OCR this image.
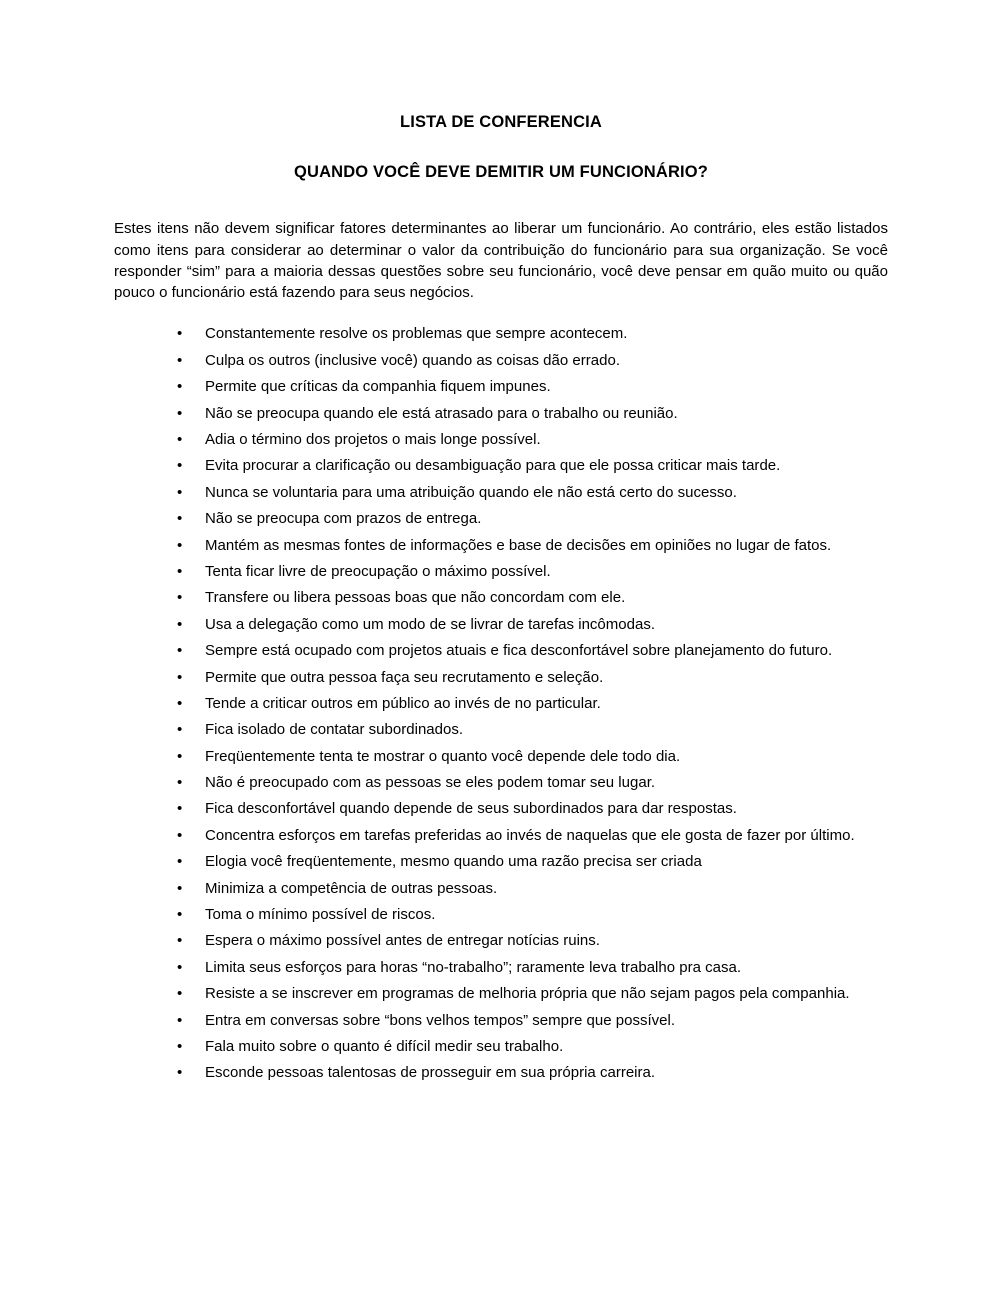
LISTA DE CONFERENCIA
QUANDO VOCÊ DEVE DEMITIR UM FUNCIONÁRIO?

Estes itens não devem significar fatores determinantes ao liberar um funcionário. Ao contrário, eles estão listados como itens para considerar ao determinar o valor da contribuição do funcionário para sua organização. Se você responder “sim” para a maioria dessas questões sobre seu funcionário, você deve pensar em quão muito ou quão pouco o funcionário está fazendo para seus negócios.

•	Constantemente resolve os problemas que sempre acontecem.
•	Culpa os outros (inclusive você) quando as coisas dão errado.
•	Permite que críticas da companhia fiquem impunes.
•	Não se preocupa quando ele está atrasado para o trabalho ou reunião.
•	Adia o término dos projetos o mais longe possível.
•	Evita procurar a clarificação ou desambiguação para que ele possa criticar mais tarde.
•	Nunca se voluntaria para uma atribuição quando ele não está certo do sucesso.
•	Não se preocupa com prazos de entrega.
•	Mantém as mesmas fontes de informações e base de decisões em opiniões no lugar de fatos.
•	Tenta ficar livre de preocupação o máximo possível.
•	Transfere ou libera pessoas boas que não concordam com ele.
•	Usa a delegação como um modo de se livrar de tarefas incômodas.
•	Sempre está ocupado com projetos atuais e fica desconfortável sobre planejamento do futuro.
•	Permite que outra pessoa faça seu recrutamento e seleção.
•	Tende a criticar outros em público ao invés de no particular.
•	Fica isolado de contatar subordinados.
•	Freqüentemente tenta te mostrar o quanto você depende dele todo dia.
•	Não é preocupado com as pessoas se eles podem tomar seu lugar.
•	Fica desconfortável quando depende de seus subordinados para dar respostas.
•	Concentra esforços em tarefas preferidas ao invés de naquelas que ele gosta de fazer por último.
•	Elogia você freqüentemente, mesmo quando uma razão precisa ser criada
•	Minimiza a competência de outras pessoas.
•	Toma o mínimo possível de riscos.
•	Espera o máximo possível antes de entregar notícias ruins.
•	Limita seus esforços para horas “no-trabalho”; raramente leva trabalho pra casa.
•	Resiste a se inscrever em programas de melhoria própria que não sejam pagos pela companhia.
•	Entra em conversas sobre “bons velhos tempos” sempre que possível.
•	Fala muito sobre o quanto é difícil medir seu trabalho.
•	Esconde pessoas talentosas de prosseguir em sua própria carreira.
